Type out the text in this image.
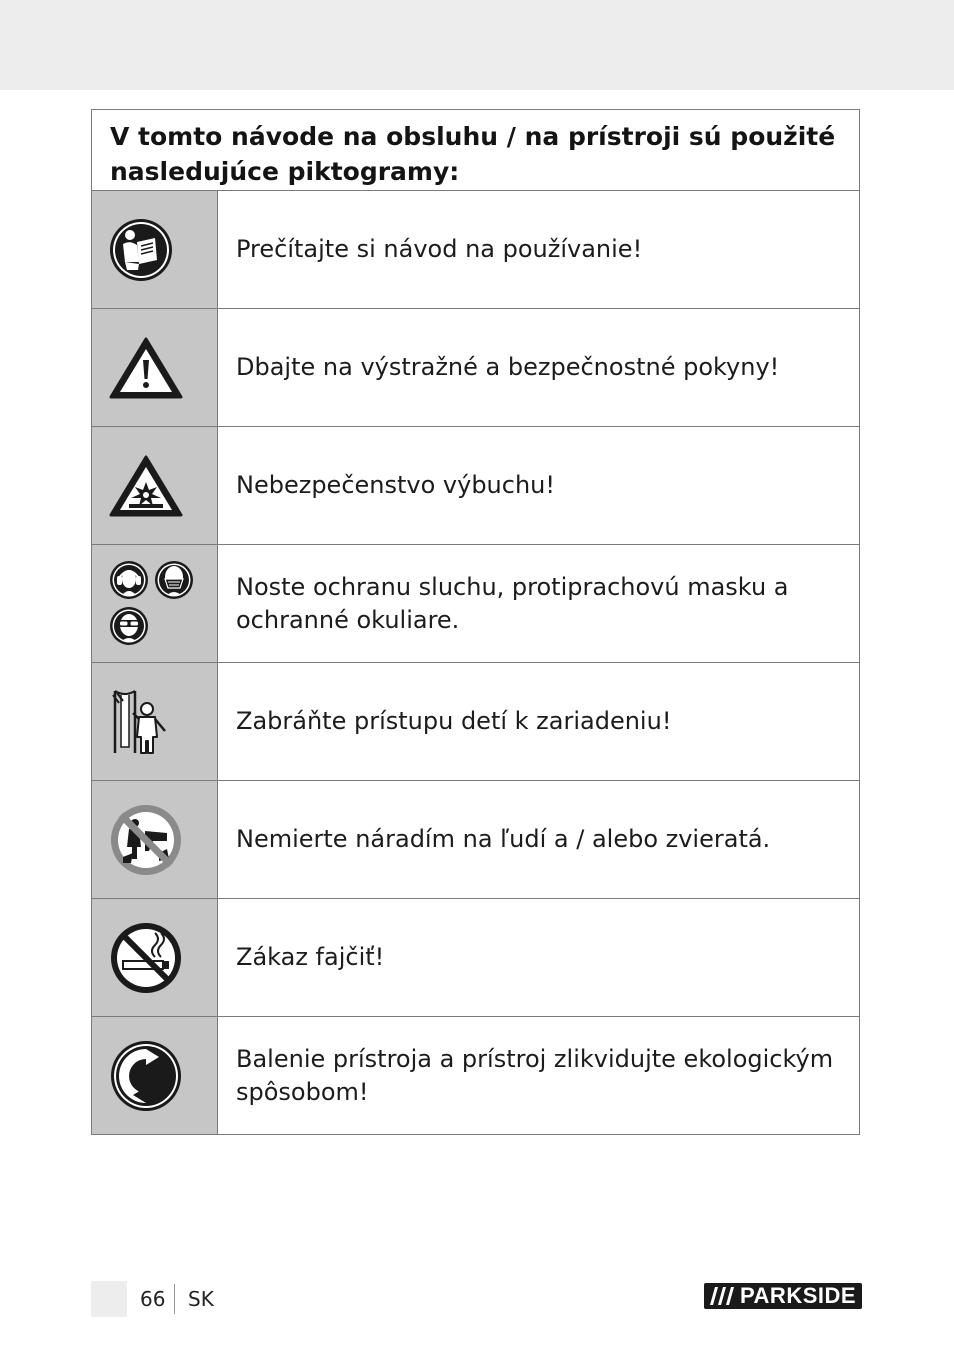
V tomto návode na obsluhu / na prístroji sú použité nasledujúce piktogramy:
Prečítajte si návod na používanie!
Dbajte na výstražné a bezpečnostné pokyny!
Nebezpečenstvo výbuchu!
Noste ochranu sluchu, protiprachovú masku a ochranné okuliare.
Zabráňte prístupu detí k zariadeniu!
Nemierte náradím na ľudí a / alebo zvieratá.
Zákaz fajčiť!
Balenie prístroja a prístroj zlikvidujte ekologickým spôsobom!
66 SK	PARKSIDE
